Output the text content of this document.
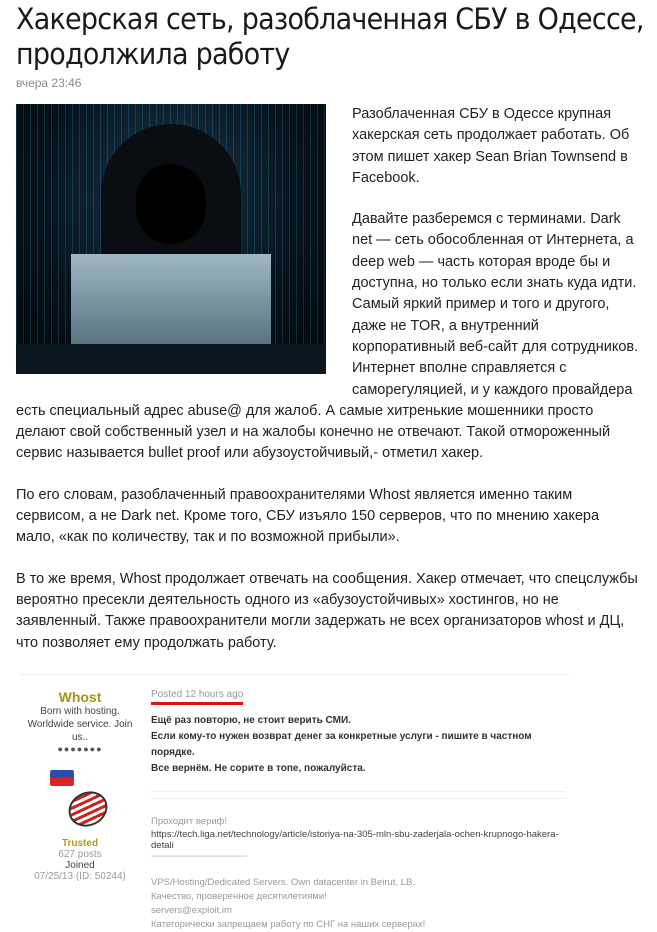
Хакерская сеть, разоблаченная СБУ в Одессе, продолжила работу
вчера 23:46

Разоблаченная СБУ в Одессе крупная хакерская сеть продолжает работать. Об этом пишет хакер Sean Brian Townsend в Facebook.

Давайте разберемся с терминами. Dark net — сеть обособленная от Интернета, а deep web — часть которая вроде бы и доступна, но только если знать куда идти. Самый яркий пример и того и другого, даже не TOR, а внутренний корпоративный веб-сайт для сотрудников. Интернет вполне справляется с саморегуляцией, и у каждого провайдера есть специальный адрес abuse@ для жалоб. А самые хитренькие мошенники просто делают свой собственный узел и на жалобы конечно не отвечают. Такой отмороженный сервис называется bullet proof или абузоустойчивый,- отметил хакер.

По его словам, разоблаченный правоохранителями Whost является именно таким сервисом, а не Dark net. Кроме того, СБУ изъяло 150 серверов, что по мнению хакера мало, «как по количеству, так и по возможной прибыли».

В то же время, Whost продолжает отвечать на сообщения. Хакер отмечает, что спецслужбы вероятно пресекли деятельность одного из «абузоустойчивых» хостингов, но не заявленный. Также правоохранители могли задержать не всех организаторов whost и ДЦ, что позволяет ему продолжать работу.

Whost
Born with hosting. Worldwide service. Join us..
●●●●●●●
Trusted
627 posts
Joined
07/25/13 (ID: 50244)
Posted 12 hours ago
Ещё раз повторю, не стоит верить СМИ.
Если кому-то нужен возврат денег за конкретные услуги - пишите в частном порядке.
Все вернём. Не сорите в топе, пожалуйста.
Проходит вериф!
https://tech.liga.net/technology/article/istoriya-na-305-mln-sbu-zaderjala-ochen-krupnogo-hakera-detali
-----------------------------------------
VPS/Hosting/Dedicated Servers. Own datacenter in Beirut, LB.
Качество, проверенное десятилетиями!
servers@exploit.im
Категорически запрещаем работу по СНГ на наших серверах!
